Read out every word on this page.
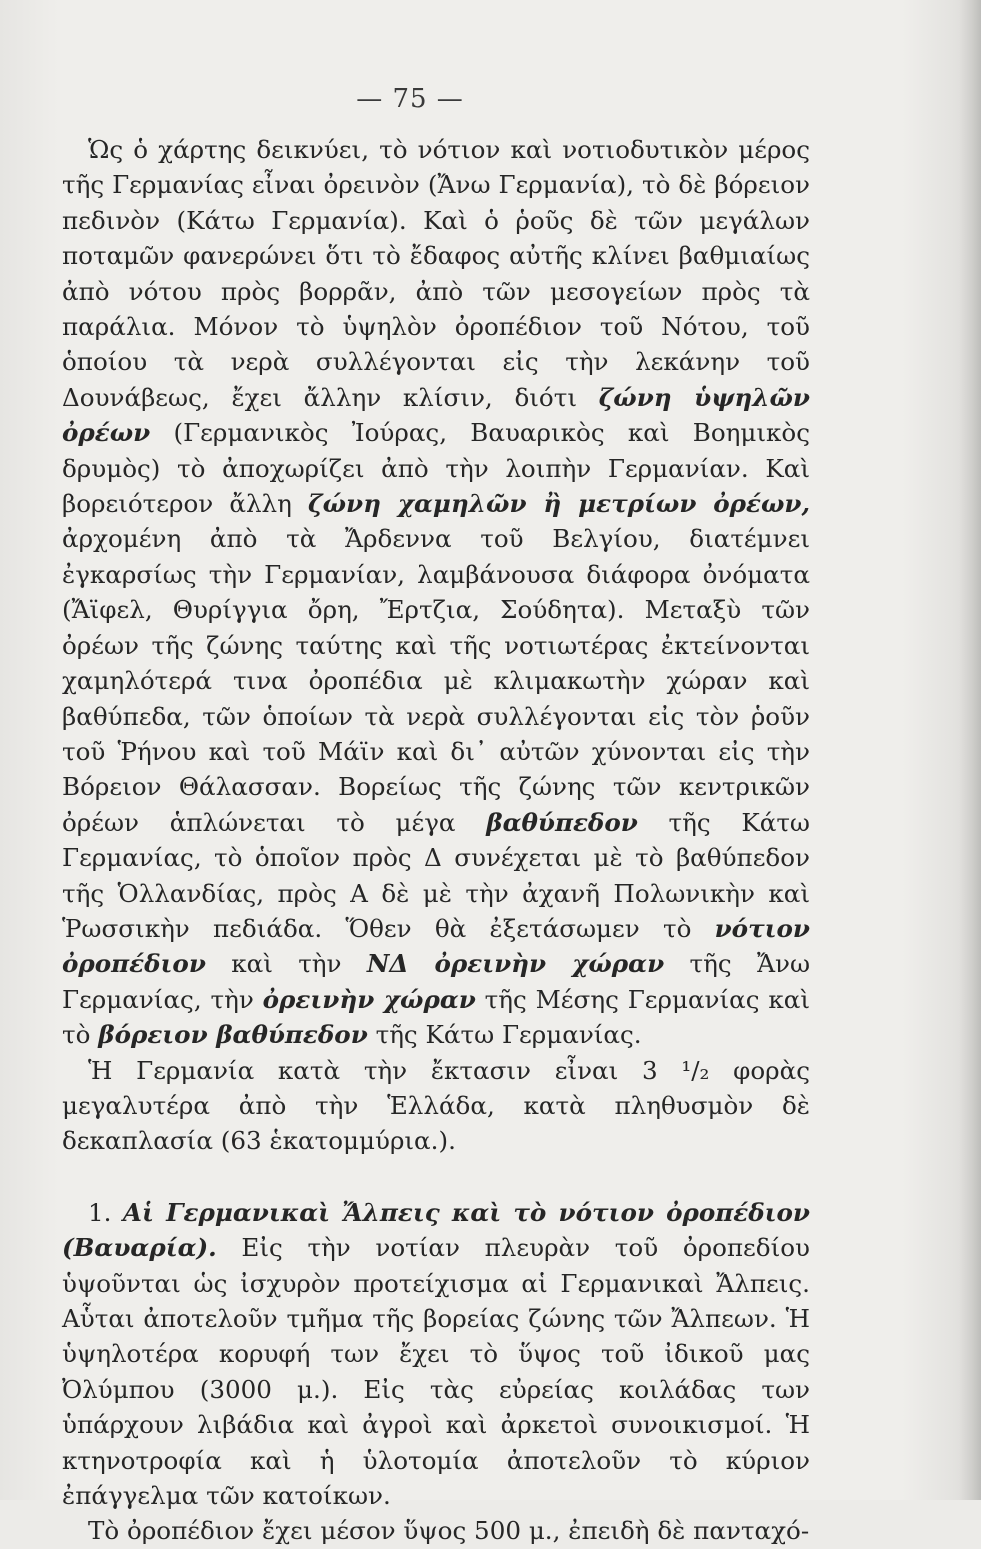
— 75 —

Ὡς ὁ χάρτης δεικνύει, τὸ νότιον καὶ νοτιοδυτικὸν μέρος τῆς Γερμανίας εἶναι ὀρεινὸν (Ἄνω Γερμανία), τὸ δὲ βόρειον πεδινὸν (Κάτω Γερμανία). Καὶ ὁ ῥοῦς δὲ τῶν μεγάλων ποταμῶν φανερώνει ὅτι τὸ ἔδαφος αὐτῆς κλίνει βαθμιαίως ἀπὸ νότου πρὸς βορρᾶν, ἀπὸ τῶν μεσογείων πρὸς τὰ παράλια. Μόνον τὸ ὑψηλὸν ὀροπέδιον τοῦ Νότου, τοῦ ὁποίου τὰ νερὰ συλλέγονται εἰς τὴν λεκάνην τοῦ Δουνάβεως, ἔχει ἄλλην κλίσιν, διότι ζώνη ὑψηλῶν ὀρέων (Γερμανικὸς Ἰούρας, Βαυαρικὸς καὶ Βοημικὸς δρυμὸς) τὸ ἀποχωρίζει ἀπὸ τὴν λοιπὴν Γερμανίαν. Καὶ βορειότερον ἄλλη ζώνη χαμηλῶν ἢ μετρίων ὀρέων, ἀρχομένη ἀπὸ τὰ Ἄρδεννα τοῦ Βελγίου, διατέμνει ἐγκαρσίως τὴν Γερμανίαν, λαμβάνουσα διάφορα ὀνόματα (Ἄϊφελ, Θυρίγγια ὄρη, Ἔρτζια, Σούδητα). Μεταξὺ τῶν ὀρέων τῆς ζώνης ταύτης καὶ τῆς νοτιωτέρας ἐκτείνονται χαμηλότερά τινα ὀροπέδια μὲ κλιμακωτὴν χώραν καὶ βαθύπεδα, τῶν ὁποίων τὰ νερὰ συλλέγονται εἰς τὸν ῥοῦν τοῦ Ῥήνου καὶ τοῦ Μάϊν καὶ δι᾿ αὐτῶν χύνονται εἰς τὴν Βόρειον Θάλασσαν. Βορείως τῆς ζώνης τῶν κεντρικῶν ὀρέων ἁπλώνεται τὸ μέγα βαθύπεδον τῆς Κάτω Γερμανίας, τὸ ὁποῖον πρὸς Δ συνέχεται μὲ τὸ βαθύπεδον τῆς Ὁλλανδίας, πρὸς Α δὲ μὲ τὴν ἀχανῆ Πολωνικὴν καὶ Ῥωσσικὴν πεδιάδα. Ὅθεν θὰ ἐξετάσωμεν τὸ νότιον ὀροπέδιον καὶ τὴν ΝΔ ὀρεινὴν χώραν τῆς Ἄνω Γερμανίας, τὴν ὀρεινὴν χώραν τῆς Μέσης Γερμανίας καὶ τὸ βόρειον βαθύπεδον τῆς Κάτω Γερμανίας.

Ἡ Γερμανία κατὰ τὴν ἔκτασιν εἶναι 3 ¹/₂ φορὰς μεγαλυτέρα ἀπὸ τὴν Ἑλλάδα, κατὰ πληθυσμὸν δὲ δεκαπλασία (63 ἑκατομμύρια.).

1. Αἱ Γερμανικαὶ Ἄλπεις καὶ τὸ νότιον ὀροπέδιον (Βαυαρία). Εἰς τὴν νοτίαν πλευρὰν τοῦ ὀροπεδίου ὑψοῦνται ὡς ἰσχυρὸν προτείχισμα αἱ Γερμανικαὶ Ἄλπεις. Αὗται ἀποτελοῦν τμῆμα τῆς βορείας ζώνης τῶν Ἄλπεων. Ἡ ὑψηλοτέρα κορυφή των ἔχει τὸ ὕψος τοῦ ἰδικοῦ μας Ὀλύμπου (3000 μ.). Εἰς τὰς εὐρείας κοιλάδας των ὑπάρχουν λιβάδια καὶ ἀγροὶ καὶ ἀρκετοὶ συνοικισμοί. Ἡ κτηνοτροφία καὶ ἡ ὑλοτομία ἀποτελοῦν τὸ κύριον ἐπάγγελμα τῶν κατοίκων.

Τὸ ὀροπέδιον ἔχει μέσον ὕψος 500 μ., ἐπειδὴ δὲ πανταχό-
